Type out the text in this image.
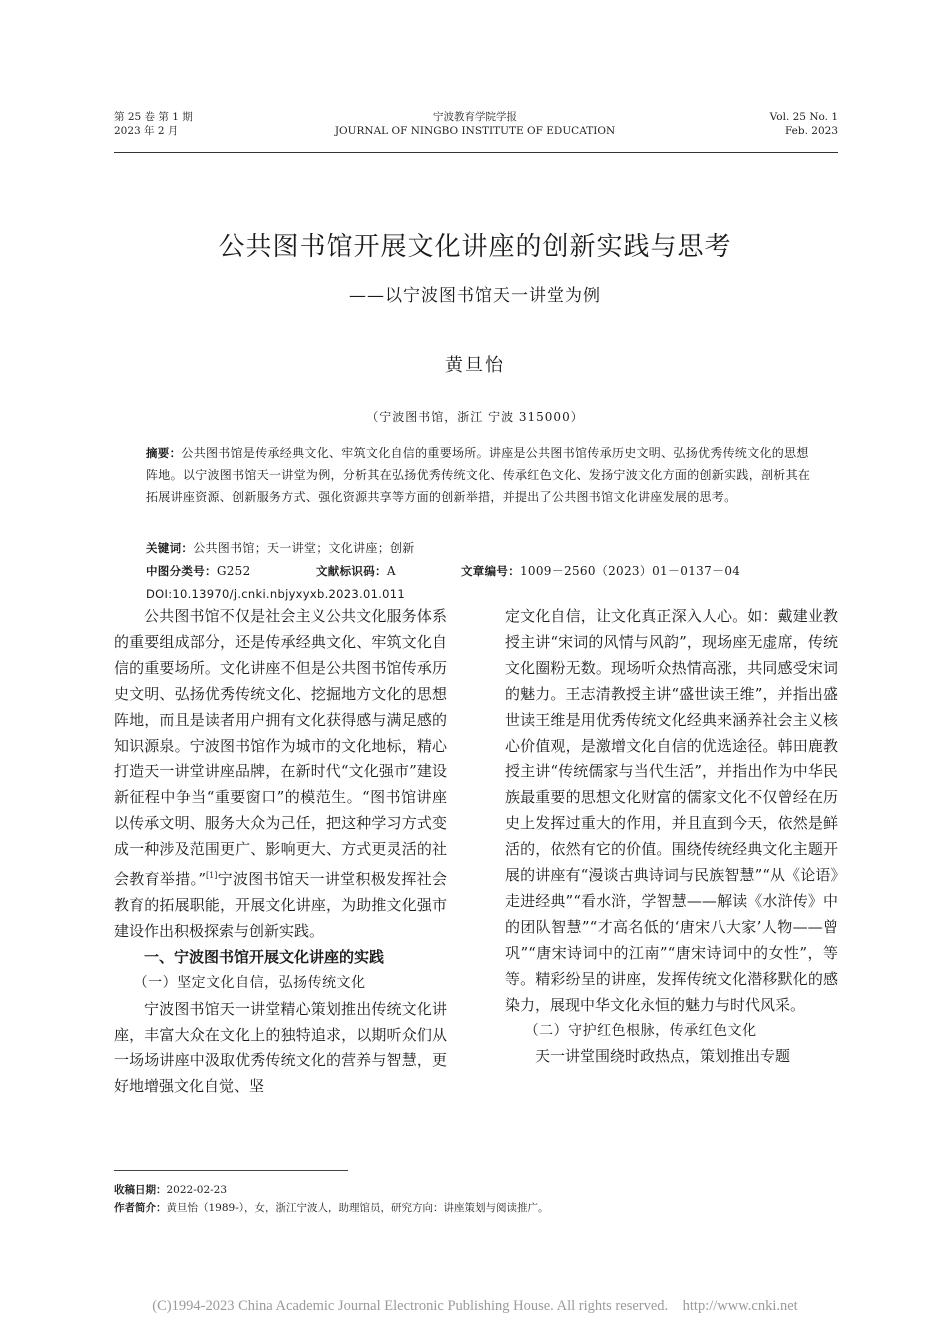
第 25 卷 第 1 期
2023 年 2 月
宁波教育学院学报
JOURNAL OF NINGBO INSTITUTE OF EDUCATION
Vol. 25 No. 1
Feb. 2023
公共图书馆开展文化讲座的创新实践与思考
——以宁波图书馆天一讲堂为例
黄旦怡
（宁波图书馆，浙江 宁波 315000）
摘要：公共图书馆是传承经典文化、牢筑文化自信的重要场所。讲座是公共图书馆传承历史文明、弘扬优秀传统文化的思想阵地。以宁波图书馆天一讲堂为例，分析其在弘扬优秀传统文化、传承红色文化、发扬宁波文化方面的创新实践，剖析其在拓展讲座资源、创新服务方式、强化资源共享等方面的创新举措，并提出了公共图书馆文化讲座发展的思考。
关键词：公共图书馆；天一讲堂；文化讲座；创新
中图分类号：G252	文献标识码：A	文章编号：1009－2560（2023）01－0137－04
DOI:10.13970/j.cnki.nbjyxyxb.2023.01.011

公共图书馆不仅是社会主义公共文化服务体系的重要组成部分，还是传承经典文化、牢筑文化自信的重要场所。文化讲座不但是公共图书馆传承历史文明、弘扬优秀传统文化、挖掘地方文化的思想阵地，而且是读者用户拥有文化获得感与满足感的知识源泉。宁波图书馆作为城市的文化地标，精心打造天一讲堂讲座品牌，在新时代“文化强市”建设新征程中争当“重要窗口”的模范生。“图书馆讲座以传承文明、服务大众为己任，把这种学习方式变成一种涉及范围更广、影响更大、方式更灵活的社会教育举措。”[1]宁波图书馆天一讲堂积极发挥社会教育的拓展职能，开展文化讲座，为助推文化强市建设作出积极探索与创新实践。

一、宁波图书馆开展文化讲座的实践
（一）坚定文化自信，弘扬传统文化

宁波图书馆天一讲堂精心策划推出传统文化讲座，丰富大众在文化上的独特追求，以期听众们从一场场讲座中汲取优秀传统文化的营养与智慧，更好地增强文化自觉、坚

定文化自信，让文化真正深入人心。如：戴建业教授主讲“宋词的风情与风韵”，现场座无虚席，传统文化圈粉无数。现场听众热情高涨，共同感受宋词的魅力。王志清教授主讲“盛世读王维”，并指出盛世读王维是用优秀传统文化经典来涵养社会主义核心价值观，是激增文化自信的优选途径。韩田鹿教授主讲“传统儒家与当代生活”，并指出作为中华民族最重要的思想文化财富的儒家文化不仅曾经在历史上发挥过重大的作用，并且直到今天，依然是鲜活的，依然有它的价值。围绕传统经典文化主题开展的讲座有“漫谈古典诗词与民族智慧”“从《论语》走进经典”“看水浒，学智慧——解读《水浒传》中的团队智慧”“才高名低的‘唐宋八大家’人物——曾巩”“唐宋诗词中的江南”“唐宋诗词中的女性”，等等。精彩纷呈的讲座，发挥传统文化潜移默化的感染力，展现中华文化永恒的魅力与时代风采。

（二）守护红色根脉，传承红色文化

天一讲堂围绕时政热点，策划推出专题

收稿日期：2022-02-23
作者简介：黄旦怡（1989-），女，浙江宁波人，助理馆员，研究方向：讲座策划与阅读推广。
(C)1994-2023 China Academic Journal Electronic Publishing House. All rights reserved.    http://www.cnki.net
